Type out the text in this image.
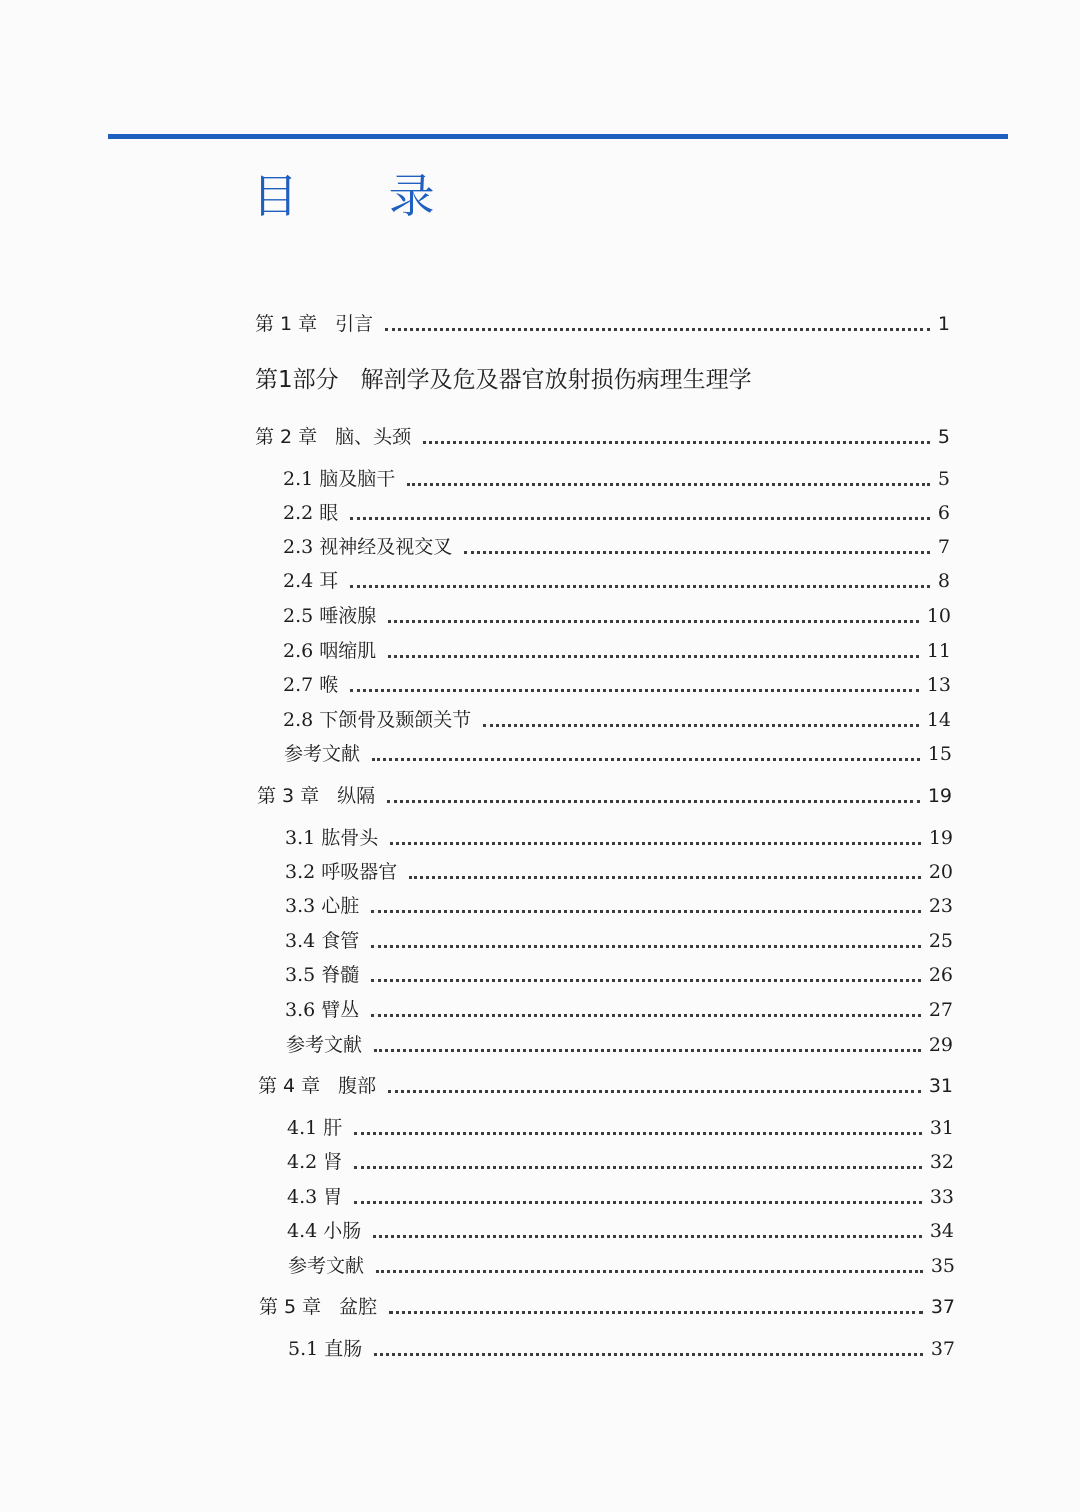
目 录
第1部分 解剖学及危及器官放射损伤病理生理学
第 1 章 引言	1
第 2 章 脑、头颈	5
2.1 脑及脑干	5
2.2 眼	6
2.3 视神经及视交叉	7
2.4 耳	8
2.5 唾液腺	10
2.6 咽缩肌	11
2.7 喉	13
2.8 下颌骨及颞颌关节	14
参考文献	15
第 3 章 纵隔	19
3.1 肱骨头	19
3.2 呼吸器官	20
3.3 心脏	23
3.4 食管	25
3.5 脊髓	26
3.6 臂丛	27
参考文献	29
第 4 章 腹部	31
4.1 肝	31
4.2 肾	32
4.3 胃	33
4.4 小肠	34
参考文献	35
第 5 章 盆腔	37
5.1 直肠	37
